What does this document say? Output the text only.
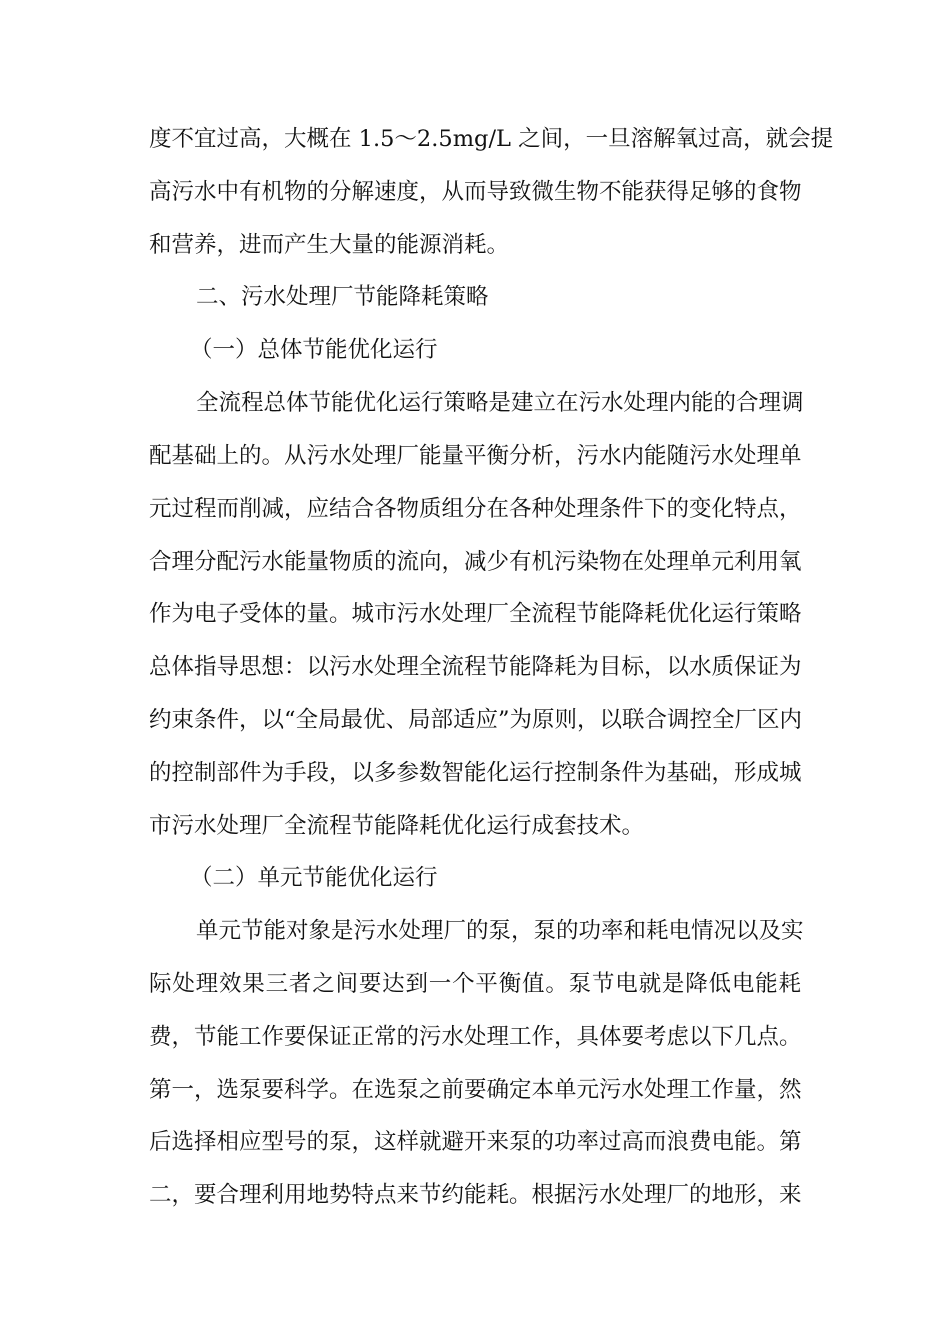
度不宜过高，大概在 1.5～2.5mg/L 之间，一旦溶解氧过高，就会提
高污水中有机物的分解速度，从而导致微生物不能获得足够的食物
和营养，进而产生大量的能源消耗。
二、污水处理厂节能降耗策略
（一）总体节能优化运行
全流程总体节能优化运行策略是建立在污水处理内能的合理调
配基础上的。从污水处理厂能量平衡分析，污水内能随污水处理单
元过程而削减，应结合各物质组分在各种处理条件下的变化特点，
合理分配污水能量物质的流向，减少有机污染物在处理单元利用氧
作为电子受体的量。城市污水处理厂全流程节能降耗优化运行策略
总体指导思想：以污水处理全流程节能降耗为目标，以水质保证为
约束条件，以“全局最优、局部适应”为原则，以联合调控全厂区内
的控制部件为手段，以多参数智能化运行控制条件为基础，形成城
市污水处理厂全流程节能降耗优化运行成套技术。
（二）单元节能优化运行
单元节能对象是污水处理厂的泵，泵的功率和耗电情况以及实
际处理效果三者之间要达到一个平衡值。泵节电就是降低电能耗
费，节能工作要保证正常的污水处理工作，具体要考虑以下几点。
第一，选泵要科学。在选泵之前要确定本单元污水处理工作量，然
后选择相应型号的泵，这样就避开来泵的功率过高而浪费电能。第
二，要合理利用地势特点来节约能耗。根据污水处理厂的地形，来
